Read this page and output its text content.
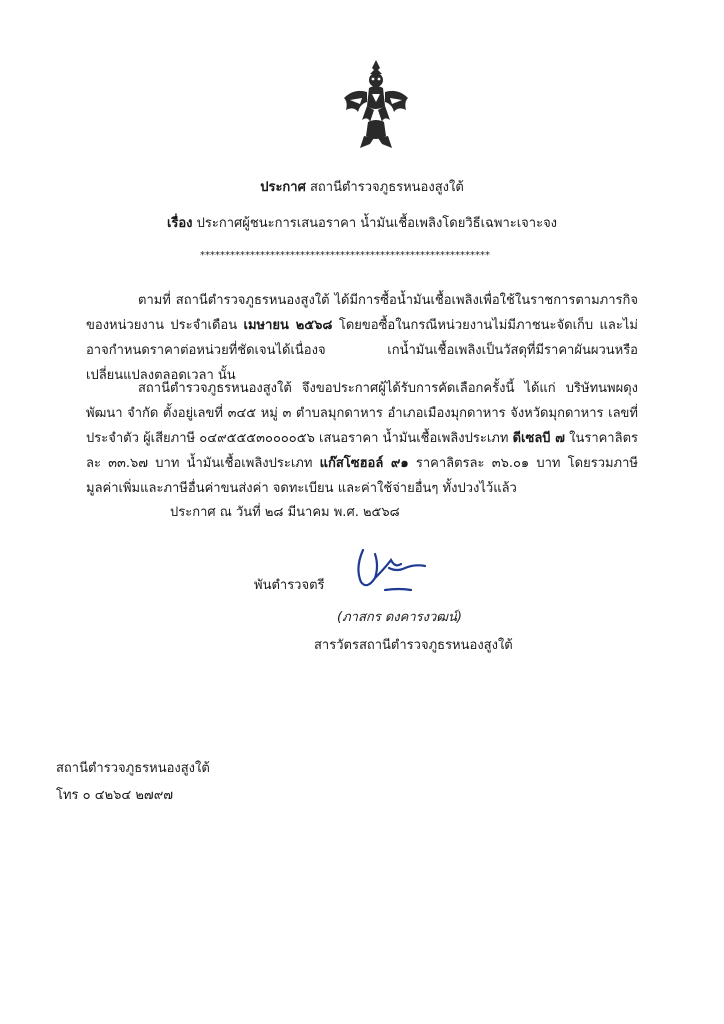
ประกาศ สถานีตำรวจภูธรหนองสูงใต้
เรื่อง ประกาศผู้ชนะการเสนอราคา น้ำมันเชื้อเพลิงโดยวิธีเฉพาะเจาะจง
**********************************************************
ตามที่ สถานีตำรวจภูธรหนองสูงใต้ ได้มีการซื้อน้ำมันเชื้อเพลิงเพื่อใช้ในราชการตามภารกิจของหน่วยงาน ประจำเดือน เมษายน ๒๕๖๘ โดยขอซื้อในกรณีหน่วยงานไม่มีภาชนะจัดเก็บ และไม่อาจกำหนดราคาต่อหน่วยที่ชัดเจนได้เนื่องจ เกน้ำมันเชื้อเพลิงเป็นวัสดุที่มีราคาผันผวนหรือเปลี่ยนแปลงตลอดเวลา นั้น
สถานีตำรวจภูธรหนองสูงใต้ จึงขอประกาศผู้ได้รับการคัดเลือกครั้งนี้ ได้แก่ บริษัทนพผดุงพัฒนา จำกัด ตั้งอยู่เลขที่ ๓๔๕ หมู่ ๓ ตำบลมุกดาหาร อำเภอเมืองมุกดาหาร จังหวัดมุกดาหาร เลขที่ประจำตัว ผู้เสียภาษี ๐๔๙๕๕๕๓๐๐๐๐๕๖ เสนอราคา น้ำมันเชื้อเพลิงประเภท ดีเซลบี ๗ ในราคาลิตรละ ๓๓.๖๗ บาท น้ำมันเชื้อเพลิงประเภท แก๊สโซฮอล์ ๙๑ ราคาลิตรละ ๓๖.๐๑ บาท โดยรวมภาษีมูลค่าเพิ่มและภาษีอื่นค่าขนส่งค่า จดทะเบียน และค่าใช้จ่ายอื่นๆ ทั้งปวงไว้แล้ว
ประกาศ ณ วันที่ ๒๘ มีนาคม พ.ศ. ๒๕๖๘
พันตำรวจตรี
(ภาสกร ดงคารงวฒน์)
สารวัตรสถานีตำรวจภูธรหนองสูงใต้
สถานีตำรวจภูธรหนองสูงใต้
โทร ๐ ๔๒๖๔ ๒๗๙๗
